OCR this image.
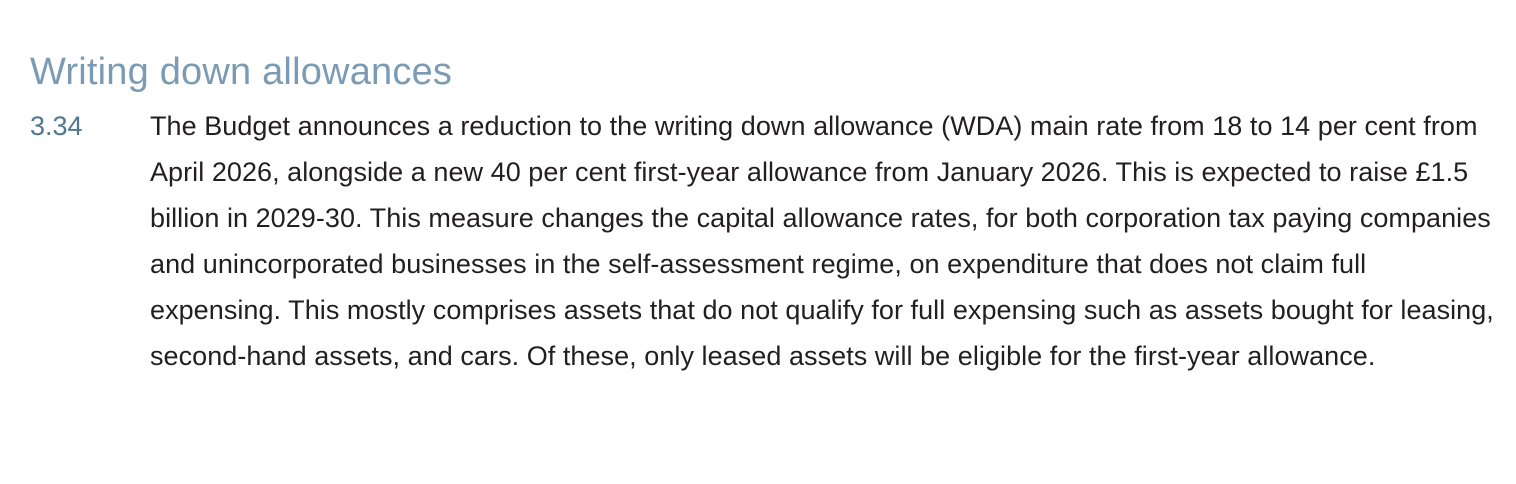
Writing down allowances
3.34	The Budget announces a reduction to the writing down allowance (WDA) main rate from 18 to 14 per cent from April 2026, alongside a new 40 per cent first-year allowance from January 2026. This is expected to raise £1.5 billion in 2029-30. This measure changes the capital allowance rates, for both corporation tax paying companies and unincorporated businesses in the self-assessment regime, on expenditure that does not claim full expensing. This mostly comprises assets that do not qualify for full expensing such as assets bought for leasing, second-hand assets, and cars. Of these, only leased assets will be eligible for the first-year allowance.
